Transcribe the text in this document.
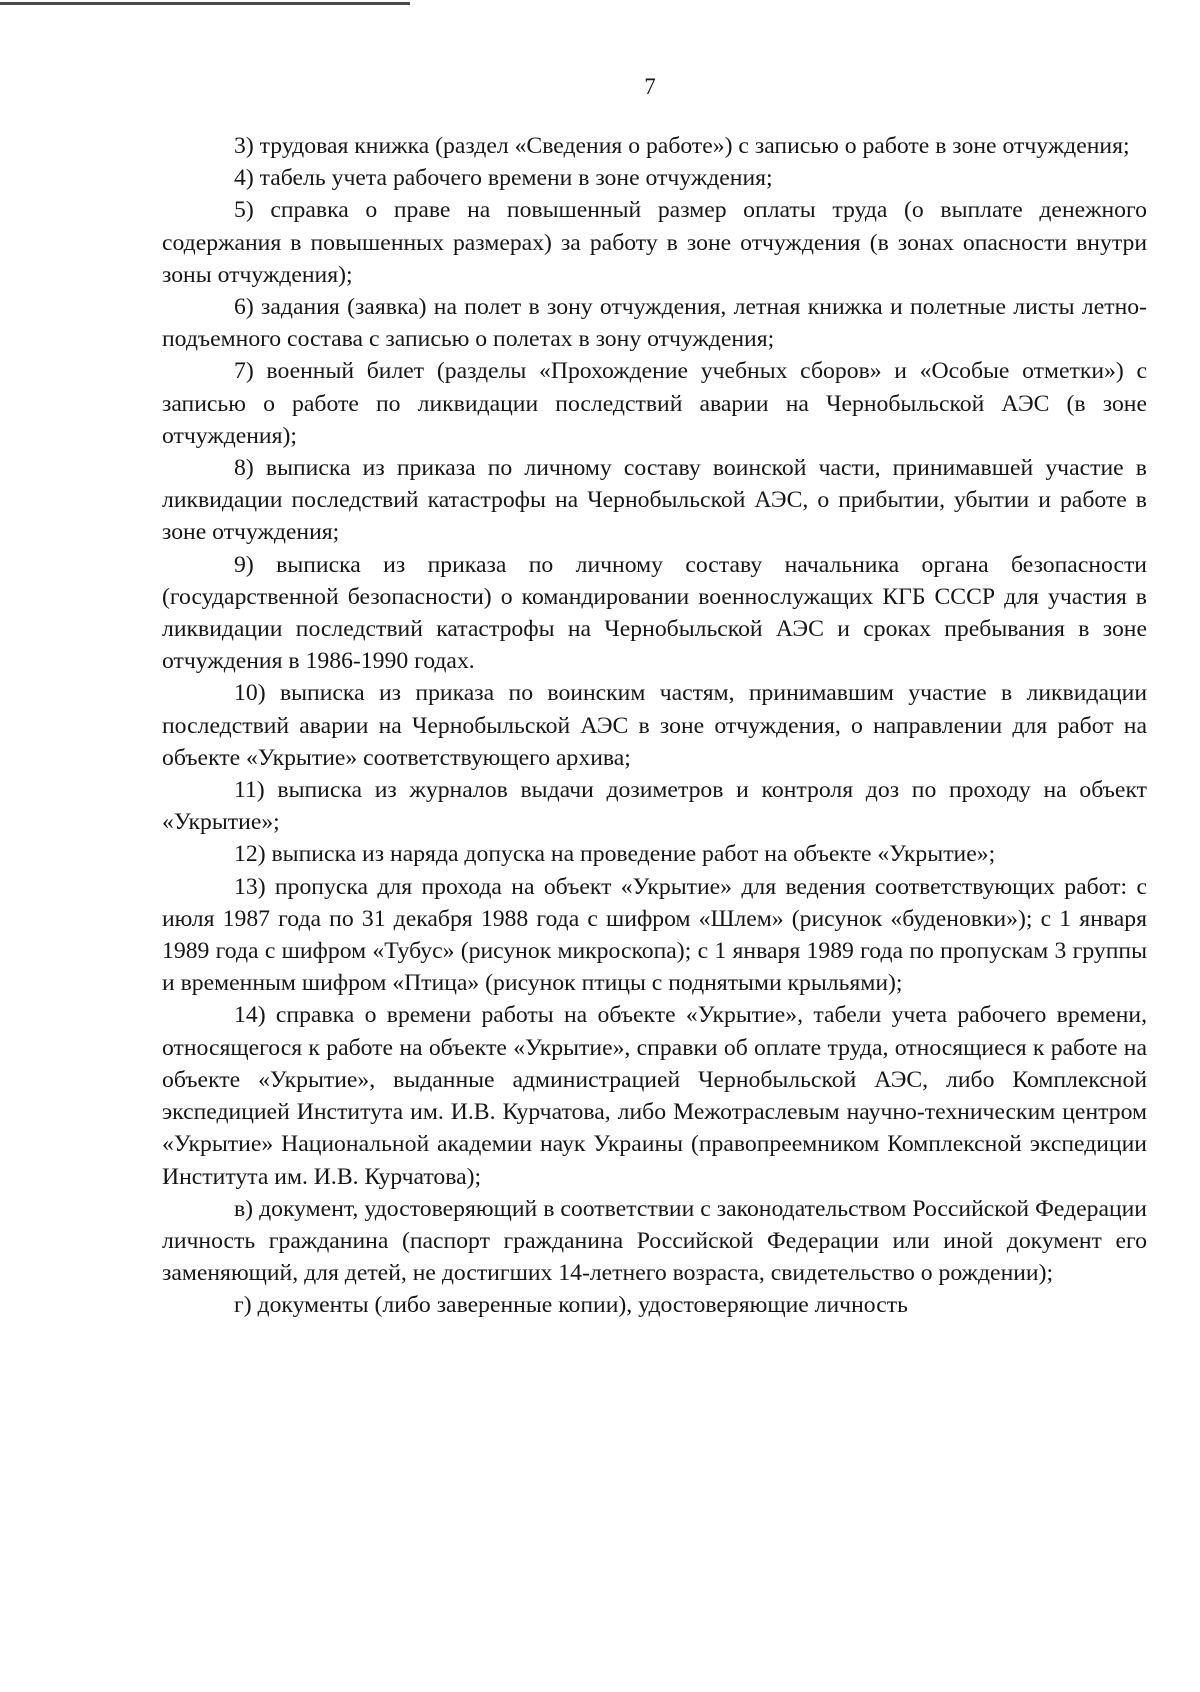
7

3) трудовая книжка (раздел «Сведения о работе») с записью о работе в зоне отчуждения;

4) табель учета рабочего времени в зоне отчуждения;

5) справка о праве на повышенный размер оплаты труда (о выплате денежного содержания в повышенных размерах) за работу в зоне отчуждения (в зонах опасности внутри зоны отчуждения);

6) задания (заявка) на полет в зону отчуждения, летная книжка и полетные листы летно-подъемного состава с записью о полетах в зону отчуждения;

7) военный билет (разделы «Прохождение учебных сборов» и «Особые отметки») с записью о работе по ликвидации последствий аварии на Чернобыльской АЭС (в зоне отчуждения);

8) выписка из приказа по личному составу воинской части, принимавшей участие в ликвидации последствий катастрофы на Чернобыльской АЭС, о прибытии, убытии и работе в зоне отчуждения;

9) выписка из приказа по личному составу начальника органа безопасности (государственной безопасности) о командировании военнослужащих КГБ СССР для участия в ликвидации последствий катастрофы на Чернобыльской АЭС и сроках пребывания в зоне отчуждения в 1986-1990 годах.

10) выписка из приказа по воинским частям, принимавшим участие в ликвидации последствий аварии на Чернобыльской АЭС в зоне отчуждения, о направлении для работ на объекте «Укрытие» соответствующего архива;

11) выписка из журналов выдачи дозиметров и контроля доз по проходу на объект «Укрытие»;

12) выписка из наряда допуска на проведение работ на объекте «Укрытие»;

13) пропуска для прохода на объект «Укрытие» для ведения соответствующих работ: с июля 1987 года по 31 декабря 1988 года с шифром «Шлем» (рисунок «буденовки»); с 1 января 1989 года с шифром «Тубус» (рисунок микроскопа); с 1 января 1989 года по пропускам 3 группы и временным шифром «Птица» (рисунок птицы с поднятыми крыльями);

14) справка о времени работы на объекте «Укрытие», табели учета рабочего времени, относящегося к работе на объекте «Укрытие», справки об оплате труда, относящиеся к работе на объекте «Укрытие», выданные администрацией Чернобыльской АЭС, либо Комплексной экспедицией Института им. И.В. Курчатова, либо Межотраслевым научно-техническим центром «Укрытие» Национальной академии наук Украины (правопреемником Комплексной экспедиции Института им. И.В. Курчатова);

в) документ, удостоверяющий в соответствии с законодательством Российской Федерации личность гражданина (паспорт гражданина Российской Федерации или иной документ его заменяющий, для детей, не достигших 14-летнего возраста, свидетельство о рождении);

г) документы (либо заверенные копии), удостоверяющие личность
